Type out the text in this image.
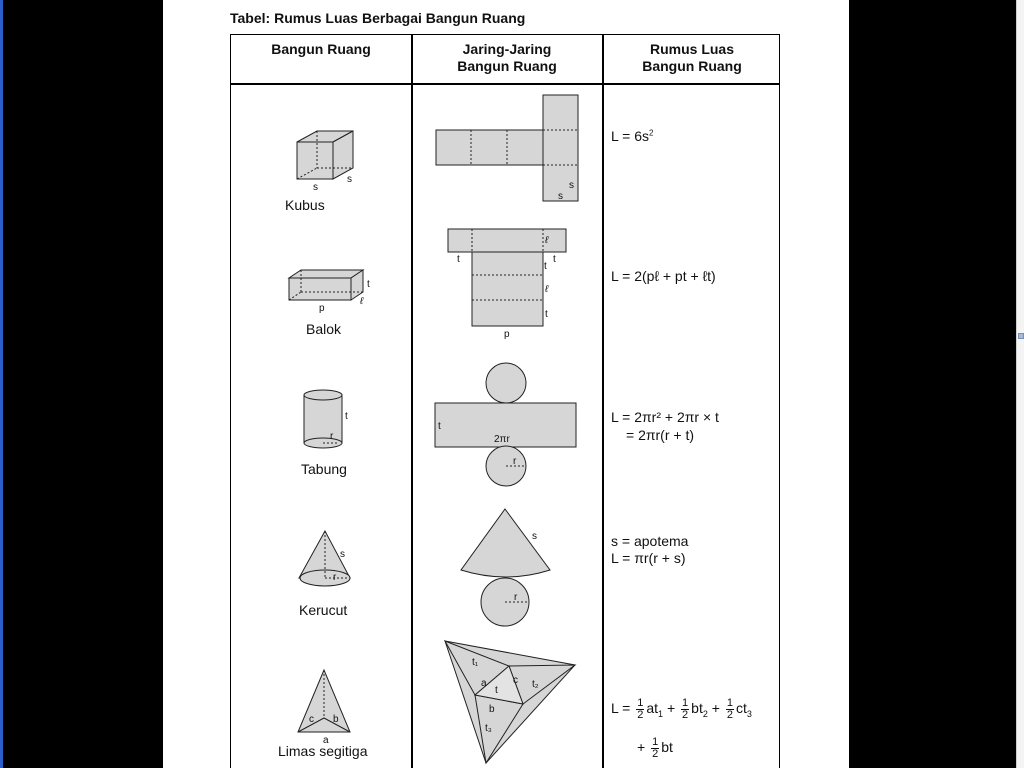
Tabel: Rumus Luas Berbagai Bangun Ruang
Bangun Ruang	Jaring-Jaring
Bangun Ruang
Rumus Luas
Bangun Ruang
Kubus
Balok
Tabung
Kerucut
Limas segitiga
$L = 6s^2$
L = 2(pℓ + pt + ℓt)
L = 2πr² + 2πr × t
= 2πr(r + t)
s = apotema
L = πr(r + s)
$L = \frac{1}{2} at_1 + \frac{1}{2} bt_2 + \frac{1}{2} ct_3$
+ $\frac{1}{2}$ bt
s
s
s
s
p
t
ℓ
ℓ
t
t
t
ℓ
t
p
t
r
t
2πr
r
s
r
s
r
c b
a
t₁
a	c t₂
t
b
t₃
